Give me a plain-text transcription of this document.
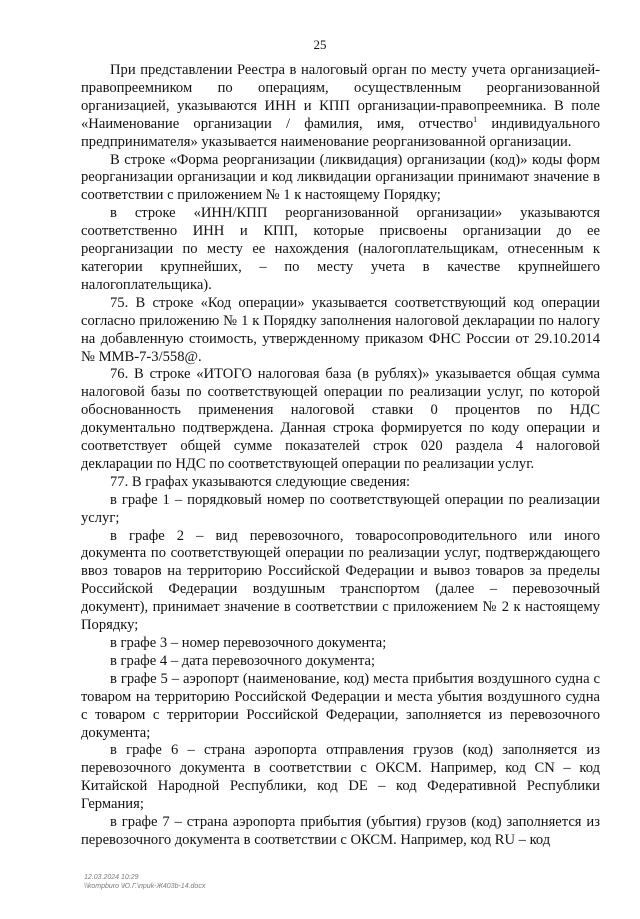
25

При представлении Реестра в налоговый орган по месту учета организацией-правопреемником по операциям, осуществленным реорганизованной организацией, указываются ИНН и КПП организации-правопреемника. В поле «Наименование организации / фамилия, имя, отчество$^1$ индивидуального предпринимателя» указывается наименование реорганизованной организации.

В строке «Форма реорганизации (ликвидация) организации (код)» коды форм реорганизации организации и код ликвидации организации принимают значение в соответствии с приложением № 1 к настоящему Порядку;

в строке «ИНН/КПП реорганизованной организации» указываются соответственно ИНН и КПП, которые присвоены организации до ее реорганизации по месту ее нахождения (налогоплательщикам, отнесенным к категории крупнейших, – по месту учета в качестве крупнейшего налогоплательщика).

75. В строке «Код операции» указывается соответствующий код операции согласно приложению № 1 к Порядку заполнения налоговой декларации по налогу на добавленную стоимость, утвержденному приказом ФНС России от 29.10.2014 № ММВ-7-3/558@.

76. В строке «ИТОГО налоговая база (в рублях)» указывается общая сумма налоговой базы по соответствующей операции по реализации услуг, по которой обоснованность применения налоговой ставки 0 процентов по НДС документально подтверждена. Данная строка формируется по коду операции и соответствует общей сумме показателей строк 020 раздела 4 налоговой декларации по НДС по соответствующей операции по реализации услуг.

77. В графах указываются следующие сведения:

в графе 1 – порядковый номер по соответствующей операции по реализации услуг;

в графе 2 – вид перевозочного, товаросопроводительного или иного документа по соответствующей операции по реализации услуг, подтверждающего ввоз товаров на территорию Российской Федерации и вывоз товаров за пределы Российской Федерации воздушным транспортом (далее – перевозочный документ), принимает значение в соответствии с приложением № 2 к настоящему Порядку;

в графе 3 – номер перевозочного документа;

в графе 4 – дата перевозочного документа;

в графе 5 – аэропорт (наименование, код) места прибытия воздушного судна с товаром на территорию Российской Федерации и места убытия воздушного судна с товаром с территории Российской Федерации, заполняется из перевозочного документа;

в графе 6 – страна аэропорта отправления грузов (код) заполняется из перевозочного документа в соответствии с ОКСМ. Например, код CN – код Китайской Народной Республики, код DE – код Федеративной Республики Германия;

в графе 7 – страна аэропорта прибытия (убытия) грузов (код) заполняется из перевозочного документа в соответствии с ОКСМ. Например, код RU – код

12.03.2024 10:29
\\kompburo \Ю.Г.\приk-Ж403b-14.docx
